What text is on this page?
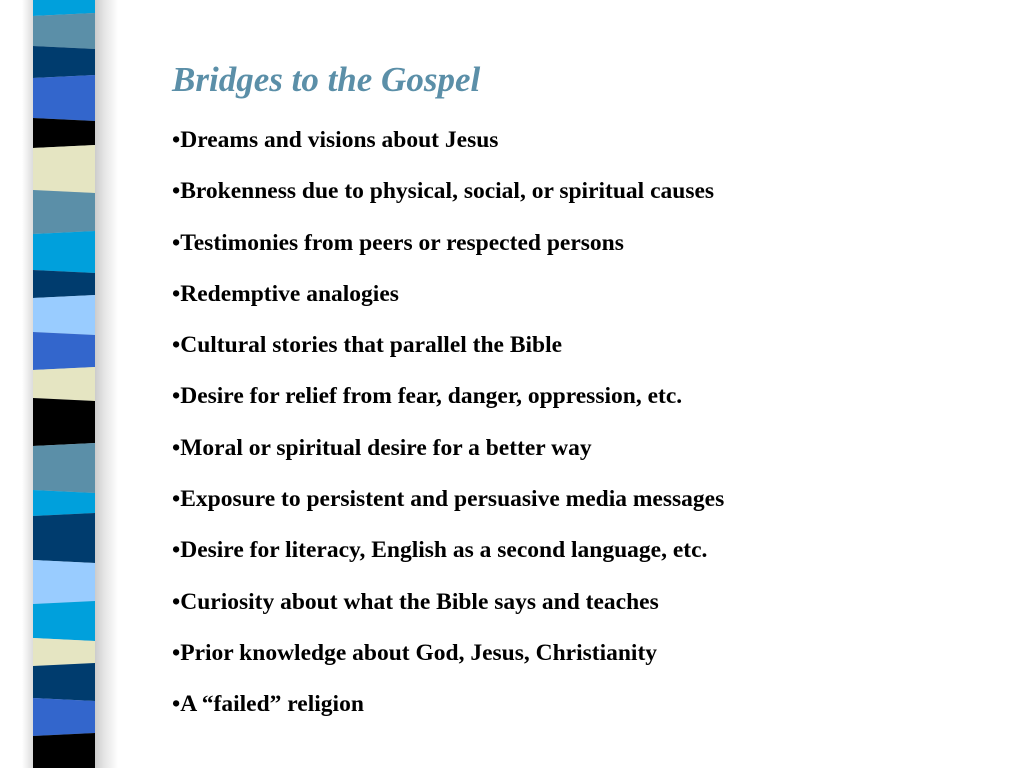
Bridges to the Gospel
•Dreams and visions about Jesus
•Brokenness due to physical, social, or spiritual causes
•Testimonies from peers or respected persons
•Redemptive analogies
•Cultural stories that parallel the Bible
•Desire for relief from fear, danger, oppression, etc.
•Moral or spiritual desire for a better way
•Exposure to persistent and persuasive media messages
•Desire for literacy, English as a second language, etc.
•Curiosity about what the Bible says and teaches
•Prior knowledge about God, Jesus, Christianity
•A “failed” religion
